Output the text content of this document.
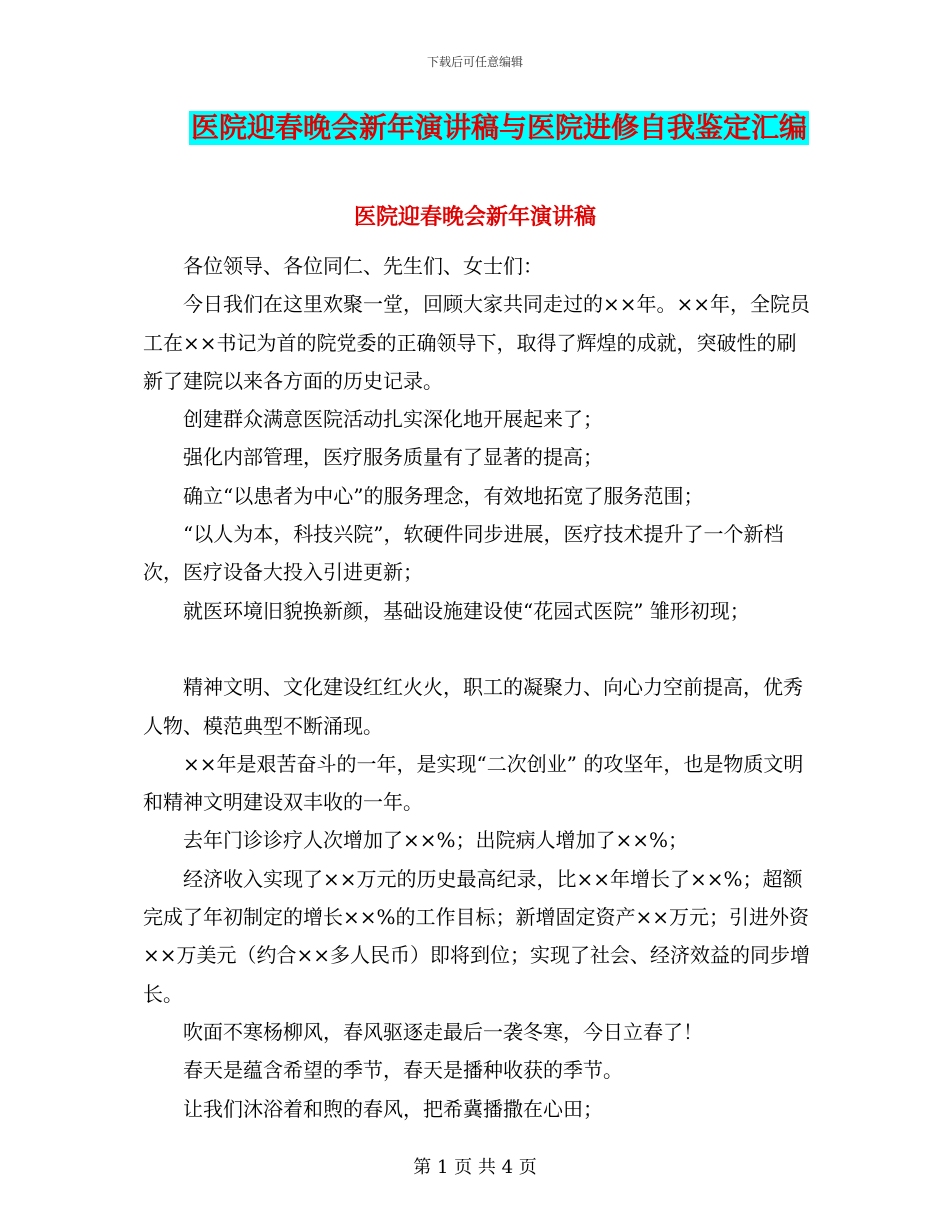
下载后可任意编辑
医院迎春晚会新年演讲稿与医院进修自我鉴定汇编
医院迎春晚会新年演讲稿

各位领导、各位同仁、先生们、女士们：

今日我们在这里欢聚一堂，回顾大家共同走过的××年。××年，全院员工在××书记为首的院党委的正确领导下，取得了辉煌的成就，突破性的刷新了建院以来各方面的历史记录。

创建群众满意医院活动扎实深化地开展起来了；

强化内部管理，医疗服务质量有了显著的提高；

确立“以患者为中心”的服务理念，有效地拓宽了服务范围；

“以人为本，科技兴院”，软硬件同步进展，医疗技术提升了一个新档次，医疗设备大投入引进更新；

就医环境旧貌换新颜，基础设施建设使“花园式医院” 雏形初现；

精神文明、文化建设红红火火，职工的凝聚力、向心力空前提高，优秀人物、模范典型不断涌现。

××年是艰苦奋斗的一年，是实现“二次创业” 的攻坚年，也是物质文明和精神文明建设双丰收的一年。

去年门诊诊疗人次增加了××%；出院病人增加了××%；

经济收入实现了××万元的历史最高纪录，比××年增长了××%；超额完成了年初制定的增长××%的工作目标；新增固定资产××万元；引进外资××万美元（约合××多人民币）即将到位；实现了社会、经济效益的同步增长。

吹面不寒杨柳风，春风驱逐走最后一袭冬寒，今日立春了！

春天是蕴含希望的季节，春天是播种收获的季节。

让我们沐浴着和煦的春风，把希冀播撒在心田；

第 1 页 共 4 页
